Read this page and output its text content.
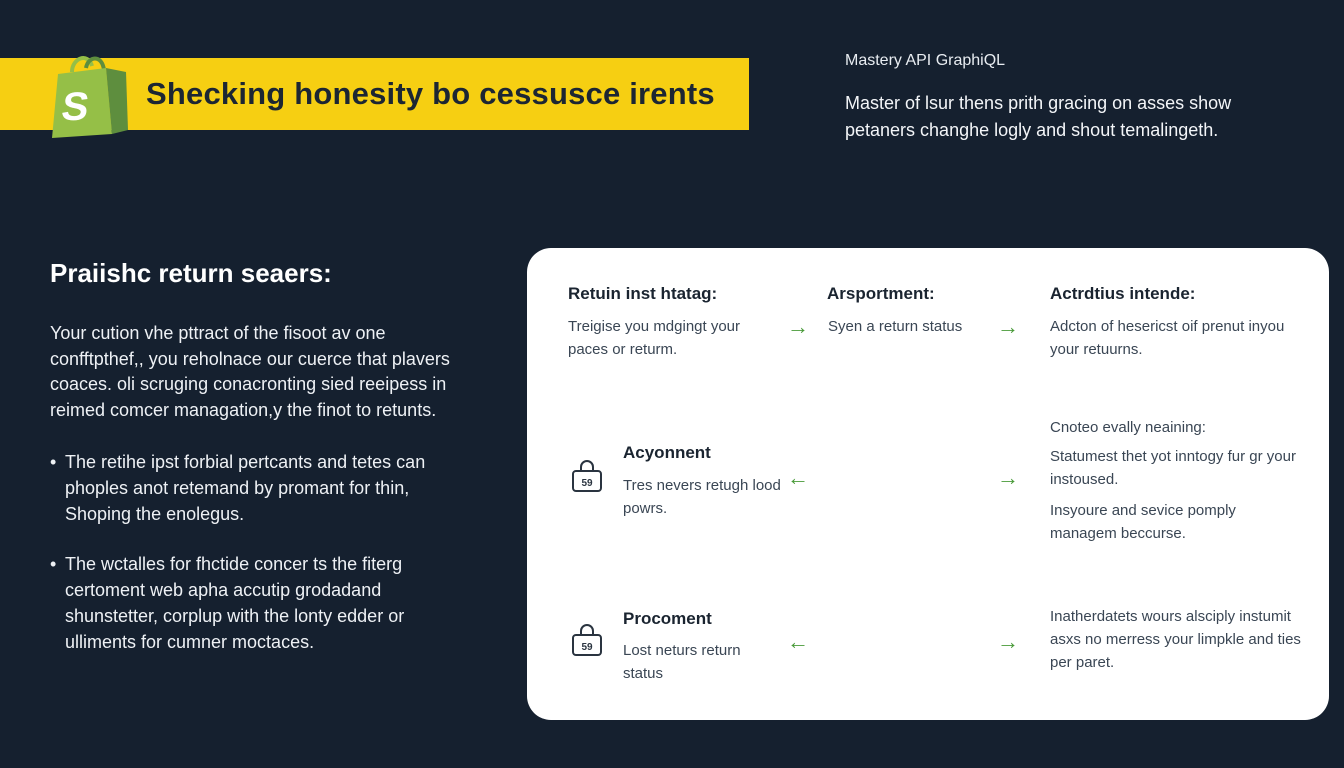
Shecking honesity bo cessusce irents
S
Mastery API GraphiQL
Master of lsur thens prith gracing on asses show petaners changhe logly and shout temalingeth.
Praiishc return seaers:
Your cution vhe pttract of the fisoot av one confftpthef,, you reholnace our cuerce that plavers coaces. oli scruging conacronting sied reeipess in reimed comcer managation,y the finot to retunts.
• The retihe ipst forbial pertcants and tetes can phoples anot retemand by promant for thin, Shoping the enolegus.
• The wctalles for fhctide concer ts the fiterg certoment web apha accutip grodadand shunstetter, corplup with the lonty edder or ulliments for cumner moctaces.
Retuin inst htatag:
Treigise you mdgingt your paces or returm.
→
Arsportment:
Syen a return status →
Actrdtius intende:
Adcton of hesericst oif prenut inyou your retuurns.
59
Acyonnent
Tres nevers retugh lood powrs.
←	→
Cnoteo evally neaining:
Statumest thet yot inntogy fur gr your instoused.
Insyoure and sevice pomply managem beccurse.
59
Procoment
Lost neturs return status
←	→
Inatherdatets wours alsciply instumit asxs no merress your limpkle and ties per paret.
